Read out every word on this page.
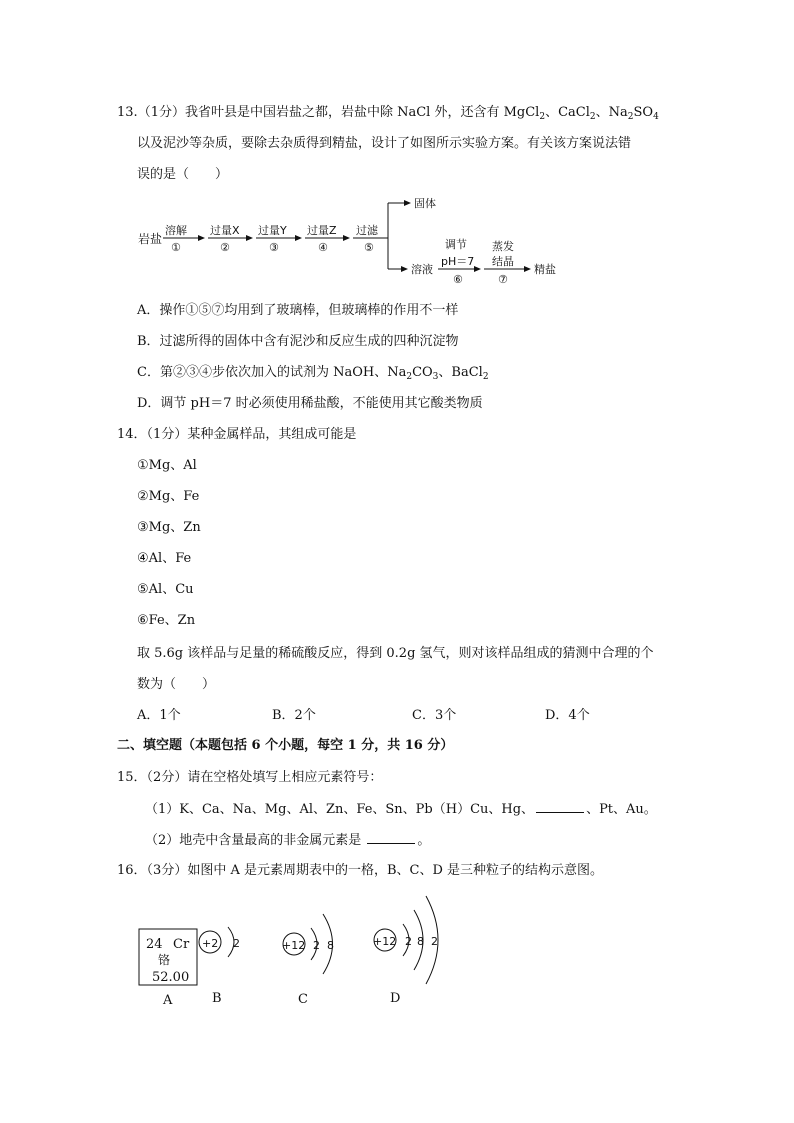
13.（1分）我省叶县是中国岩盐之都，岩盐中除 NaCl 外，还含有 MgCl$_2$、CaCl$_2$、$Na_2SO_4$
以及泥沙等杂质，要除去杂质得到精盐，设计了如图所示实验方案。有关该方案说法错
误的是（　　）
岩盐
溶解
①
过量X
②
过量Y
③
过量Z
④
过滤
⑤
固体
溶液
调节
pH＝7
⑥
蒸发
结晶
⑦
精盐
A．操作①⑤⑦均用到了玻璃棒，但玻璃棒的作用不一样
B．过滤所得的固体中含有泥沙和反应生成的四种沉淀物
C．第②③④步依次加入的试剂为 NaOH、$Na_2CO_3$、BaCl$_2$
D．调节 pH＝7 时必须使用稀盐酸，不能使用其它酸类物质
14．（1分）某种金属样品，其组成可能是
①Mg、Al
②Mg、Fe
③Mg、Zn
④Al、Fe
⑤Al、Cu
⑥Fe、Zn
取 5.6g 该样品与足量的稀硫酸反应，得到 0.2g 氢气，则对该样品组成的猜测中合理的个
数为（　　）
A．1个	B．2个	C．3个	D．4个
二、填空题（本题包括 6 个小题，每空 1 分，共 16 分）
15．（2分）请在空格处填写上相应元素符号：
（1）K、Ca、Na、Mg、Al、Zn、Fe、Sn、Pb（H）Cu、Hg、	、Pt、Au。
（2）地壳中含量最高的非金属元素是	。
16．（3分）如图中 A 是元素周期表中的一格，B、C、D 是三种粒子的结构示意图。
24 Cr
铬
52.00
+2 2	+12 2 8	+12 2 8 2
A	B	C	D
